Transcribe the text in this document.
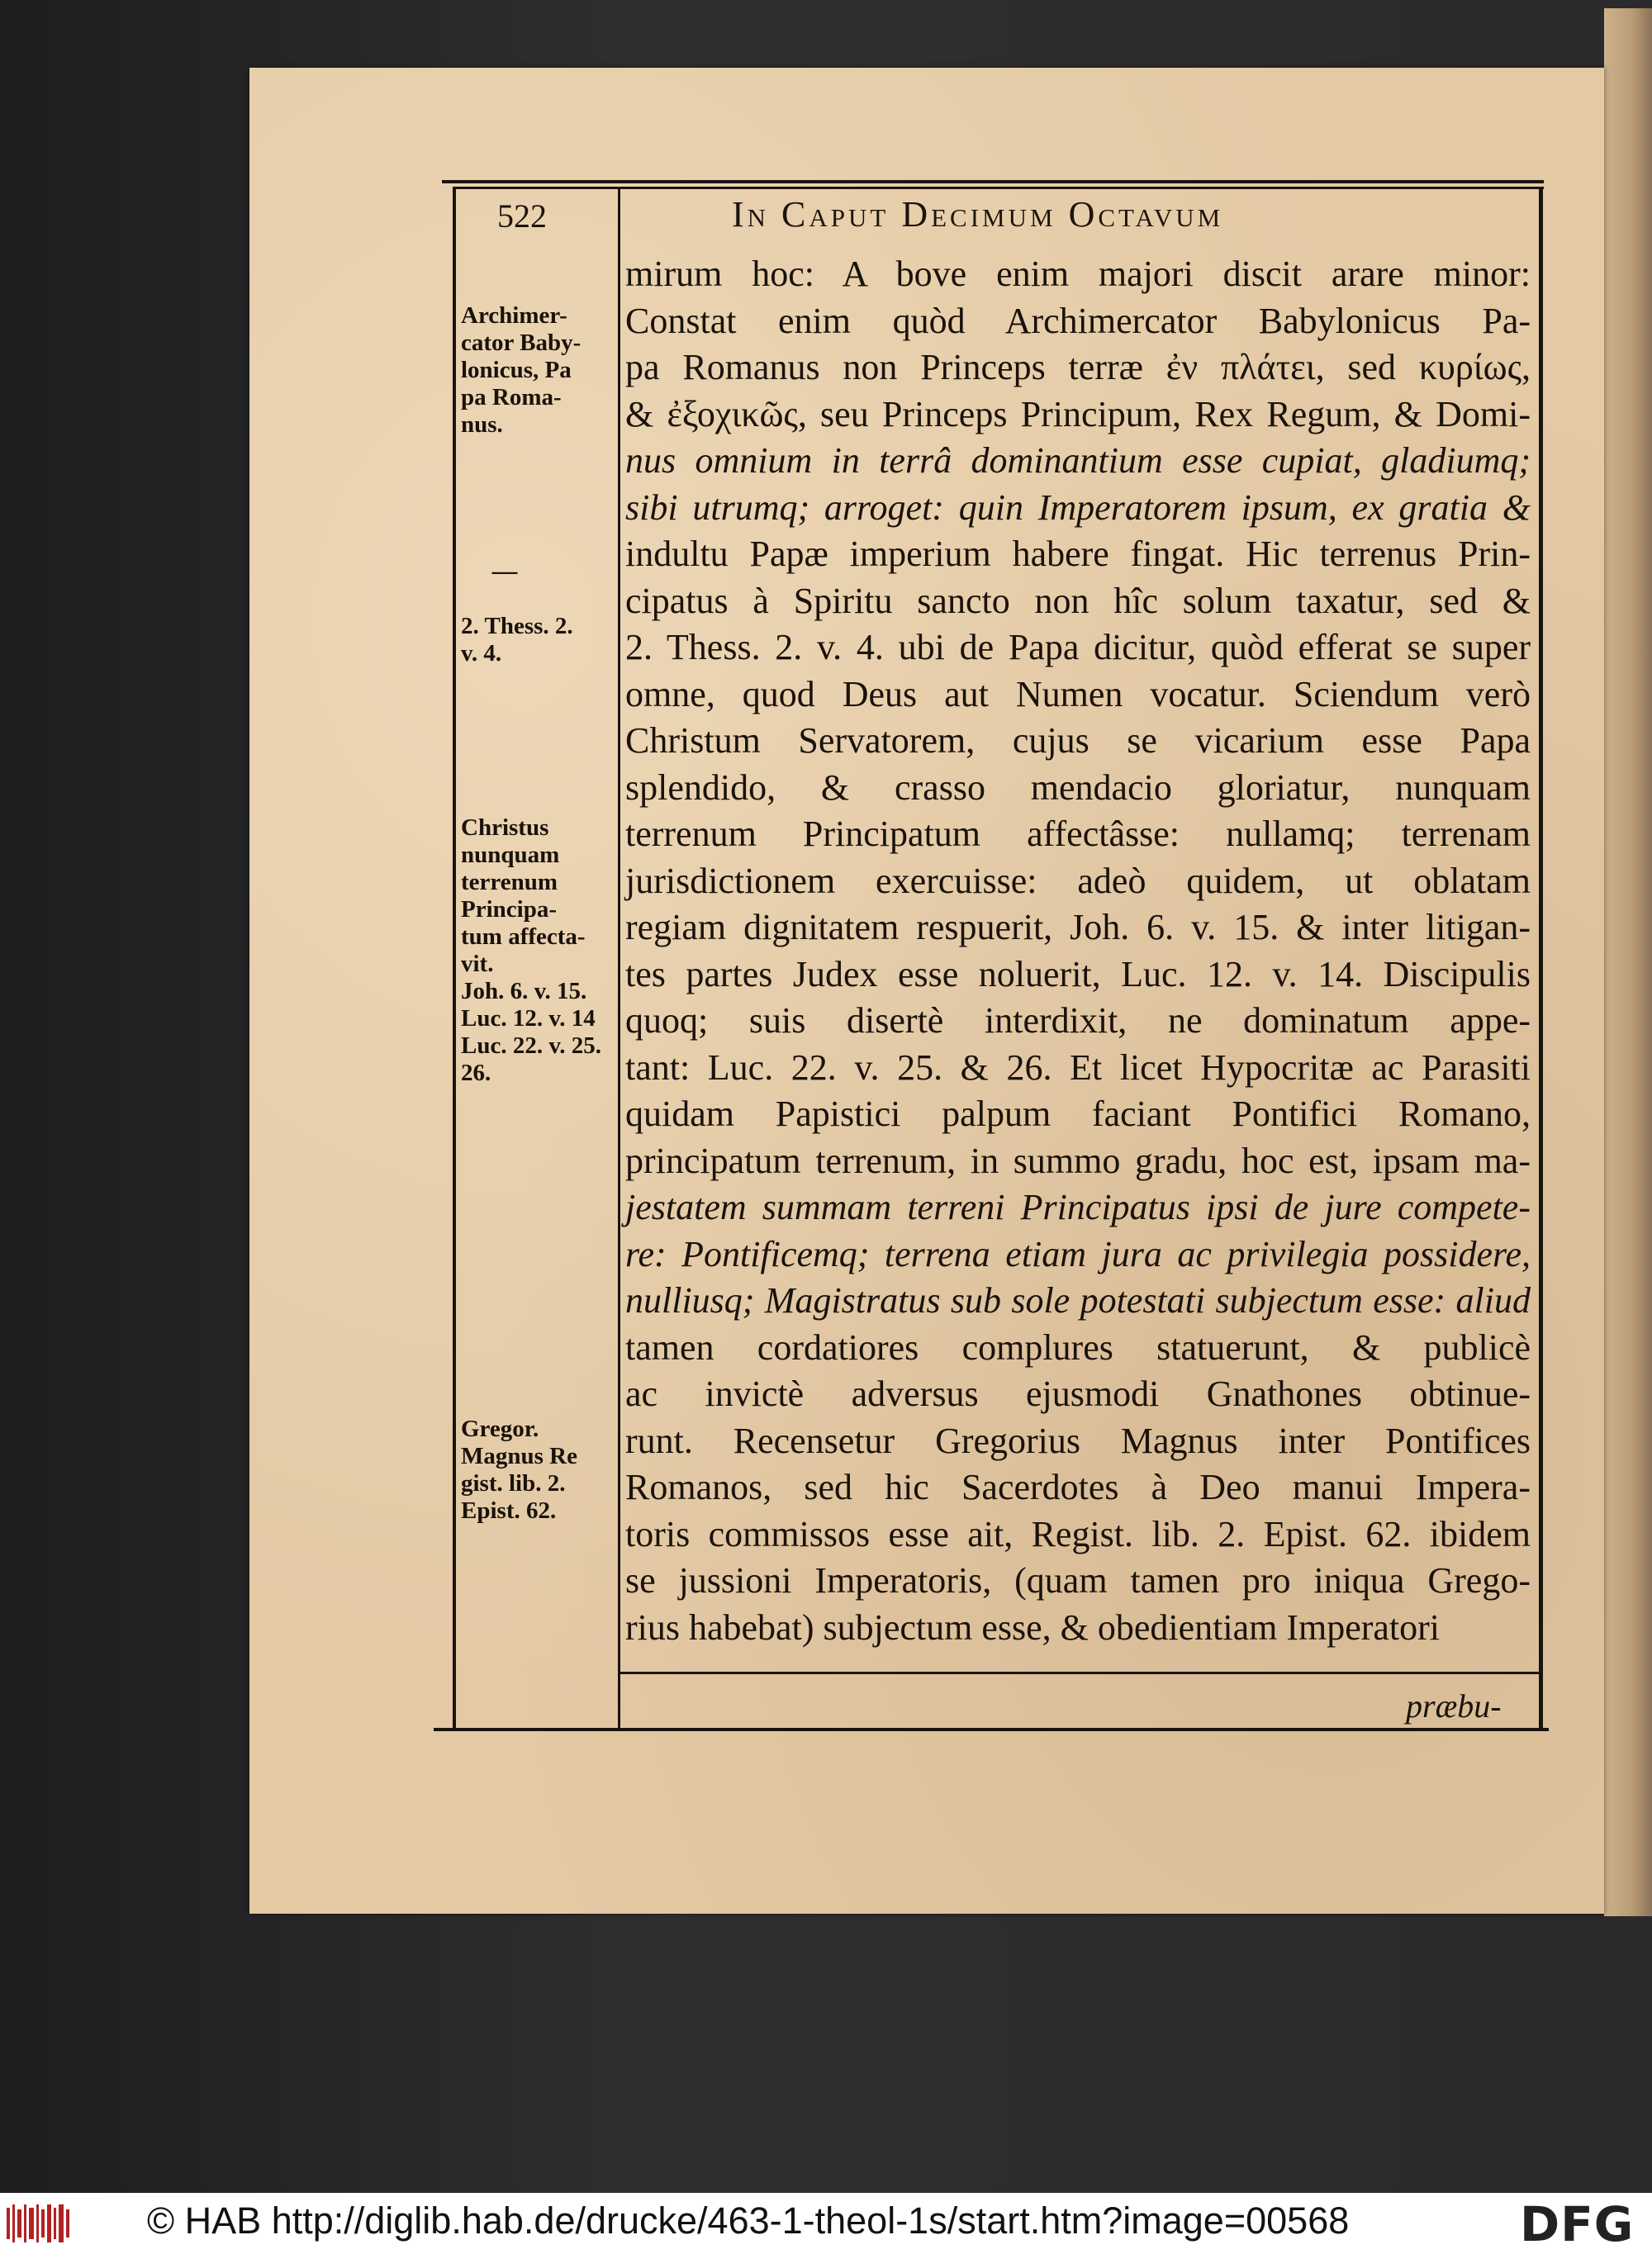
522	In Caput Decimum Octavum
mirum hoc: A bove enim majori discit arare minor:
Constat enim quòd Archimercator Babylonicus Pa-
pa Romanus non Princeps terræ ἐν πλάτει, sed κυρίως,
& ἐξοχικῶς, seu Princeps Principum, Rex Regum, & Domi-
nus omnium in terrâ dominantium esse cupiat, gladiumq;
sibi utrumq; arroget: quin Imperatorem ipsum, ex gratia &
indultu Papæ imperium habere fingat. Hic terrenus Prin-
cipatus à Spiritu sancto non hîc solum taxatur, sed &
2. Thess. 2. v. 4. ubi de Papa dicitur, quòd efferat se super
omne, quod Deus aut Numen vocatur. Sciendum verò
Christum Servatorem, cujus se vicarium esse Papa
splendido, & crasso mendacio gloriatur, nunquam
terrenum Principatum affectâsse: nullamq; terrenam
jurisdictionem exercuisse: adeò quidem, ut oblatam
regiam dignitatem respuerit, Joh. 6. v. 15. & inter litigan-
tes partes Judex esse noluerit, Luc. 12. v. 14. Discipulis
quoq; suis disertè interdixit, ne dominatum appe-
tant: Luc. 22. v. 25. & 26. Et licet Hypocritæ ac Parasiti
quidam Papistici palpum faciant Pontifici Romano,
principatum terrenum, in summo gradu, hoc est, ipsam ma-
jestatem summam terreni Principatus ipsi de jure compete-
re: Pontificemq; terrena etiam jura ac privilegia possidere,
nulliusq; Magistratus sub sole potestati subjectum esse: aliud
tamen cordatiores complures statuerunt, & publicè
ac invictè adversus ejusmodi Gnathones obtinue-
runt. Recensetur Gregorius Magnus inter Pontifices
Romanos, sed hic Sacerdotes à Deo manui Impera-
toris commissos esse ait, Regist. lib. 2. Epist. 62. ibidem
se jussioni Imperatoris, (quam tamen pro iniqua Grego-
rius habebat) subjectum esse, & obedientiam Imperatori
Archimer-
cator Baby-
lonicus, Pa
pa Roma-
nus.
—
2. Thess. 2.
v. 4.
Christus
nunquam
terrenum
Principa-
tum affecta-
vit.
Joh. 6. v. 15.
Luc. 12. v. 14
Luc. 22. v. 25.
26.
Gregor.
Magnus Re
gist. lib. 2.
Epist. 62.
præbu-
© HAB http://diglib.hab.de/drucke/463-1-theol-1s/start.htm?image=00568	DFG
